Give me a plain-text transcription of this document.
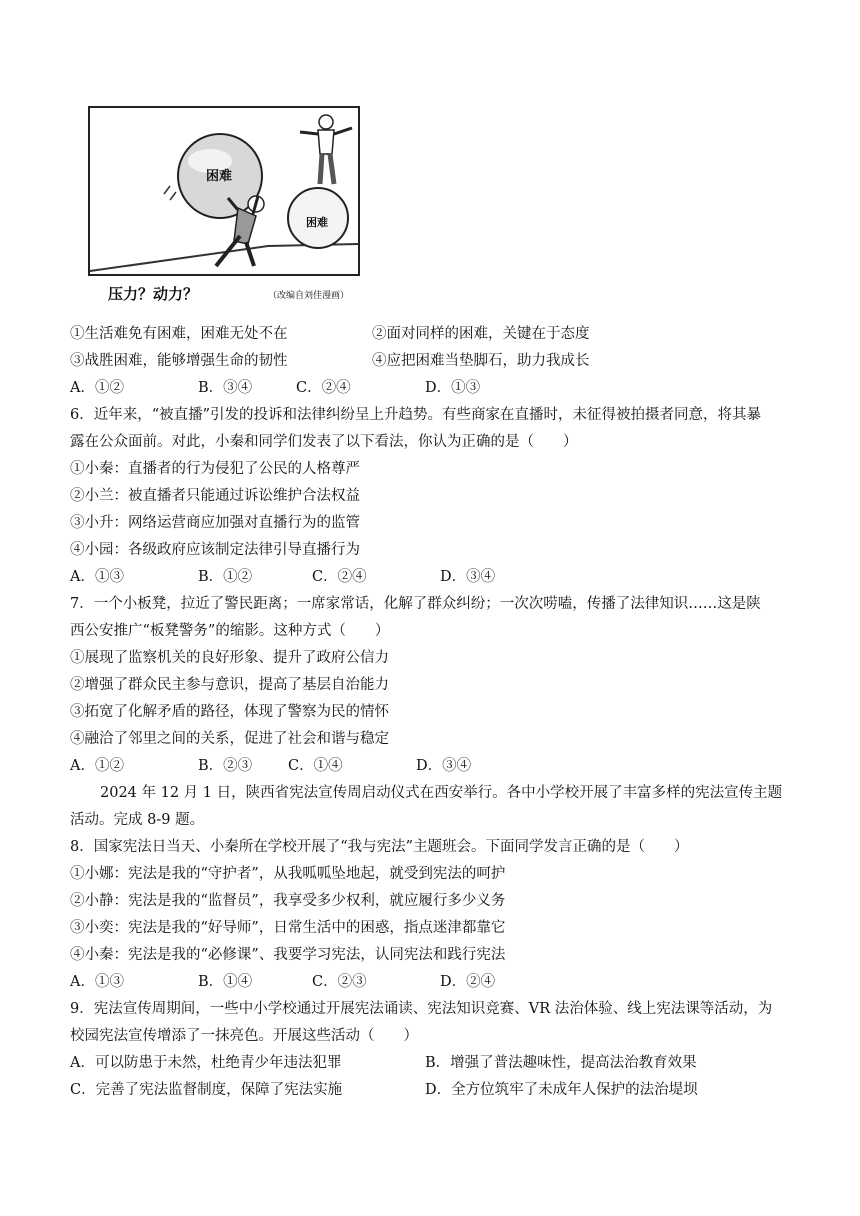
困难
困难
压力？动力？	（改编自刘佳漫画）
①生活难免有困难，困难无处不在	②面对同样的困难，关键在于态度
③战胜困难，能够增强生命的韧性	④应把困难当垫脚石，助力我成长
A．①②	B．③④	C．②④	D．①③
6．近年来，“被直播”引发的投诉和法律纠纷呈上升趋势。有些商家在直播时，未征得被拍摄者同意，将其暴
露在公众面前。对此，小秦和同学们发表了以下看法，你认为正确的是（　　）
①小秦：直播者的行为侵犯了公民的人格尊严
②小兰：被直播者只能通过诉讼维护合法权益
③小升：网络运营商应加强对直播行为的监管
④小园：各级政府应该制定法律引导直播行为
A．①③	B．①②	C．②④	D．③④
7．一个小板凳，拉近了警民距离；一席家常话，化解了群众纠纷；一次次唠嗑，传播了法律知识……这是陕
西公安推广“板凳警务”的缩影。这种方式（　　）
①展现了监察机关的良好形象、提升了政府公信力
②增强了群众民主参与意识，提高了基层自治能力
③拓宽了化解矛盾的路径，体现了警察为民的情怀
④融洽了邻里之间的关系，促进了社会和谐与稳定
A．①②	B．②③ C．①④	D．③④
2024 年 12 月 1 日，陕西省宪法宣传周启动仪式在西安举行。各中小学校开展了丰富多样的宪法宣传主题
活动。完成 8-9 题。
8．国家宪法日当天、小秦所在学校开展了“我与宪法”主题班会。下面同学发言正确的是（　　）
①小娜：宪法是我的“守护者”，从我呱呱坠地起，就受到宪法的呵护
②小静：宪法是我的“监督员”，我享受多少权利，就应履行多少义务
③小奕：宪法是我的“好导师”，日常生活中的困惑，指点迷津都靠它
④小秦：宪法是我的“必修课”、我要学习宪法，认同宪法和践行宪法
A．①③	B．①④	C．②③	D．②④
9．宪法宣传周期间，一些中小学校通过开展宪法诵读、宪法知识竞赛、VR 法治体验、线上宪法课等活动，为
校园宪法宣传增添了一抹亮色。开展这些活动（　　）
A．可以防患于未然，杜绝青少年违法犯罪	B．增强了普法趣味性，提高法治教育效果
C．完善了宪法监督制度，保障了宪法实施	D．全方位筑牢了未成年人保护的法治堤坝
